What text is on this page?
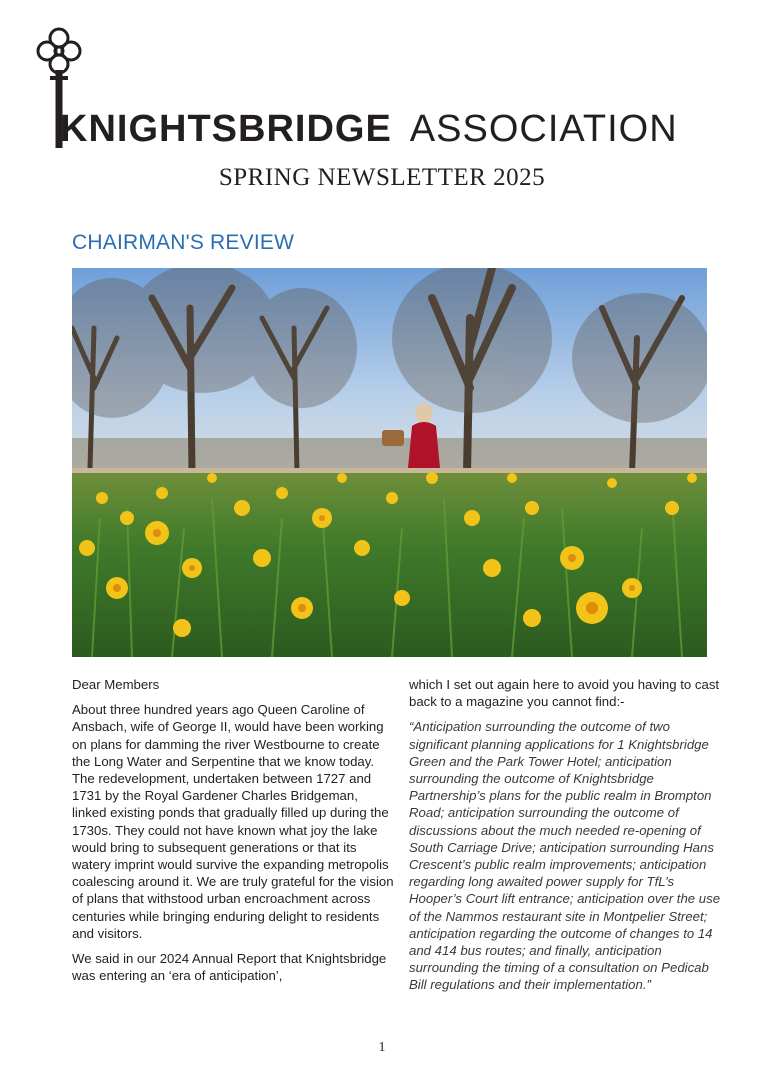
KNIGHTSBRIDGE ASSOCIATION
SPRING NEWSLETTER 2025
CHAIRMAN'S REVIEW

Dear Members

About three hundred years ago Queen Caroline of Ansbach, wife of George II, would have been working on plans for damming the river Westbourne to create the Long Water and Serpentine that we know today. The redevelopment, undertaken between 1727 and 1731 by the Royal Gardener Charles Bridgeman, linked existing ponds that gradually filled up during the 1730s. They could not have known what joy the lake would bring to subsequent generations or that its watery imprint would survive the expanding metropolis coalescing around it. We are truly grateful for the vision of plans that withstood urban encroachment across centuries while bringing enduring delight to residents and visitors.

We said in our 2024 Annual Report that Knightsbridge was entering an ‘era of anticipation’,

which I set out again here to avoid you having to cast back to a magazine you cannot find:-

“Anticipation surrounding the outcome of two significant planning applications for 1 Knightsbridge Green and the Park Tower Hotel; anticipation surrounding the outcome of Knightsbridge Partnership’s plans for the public realm in Brompton Road; anticipation surrounding the outcome of discussions about the much needed re-opening of South Carriage Drive; anticipation surrounding Hans Crescent’s public realm improvements; anticipation regarding long awaited power supply for TfL’s Hooper’s Court lift entrance; anticipation over the use of the Nammos restaurant site in Montpelier Street; anticipation regarding the outcome of changes to 14 and 414 bus routes; and finally, anticipation surrounding the timing of a consultation on Pedicab Bill regulations and their implementation.”

1
